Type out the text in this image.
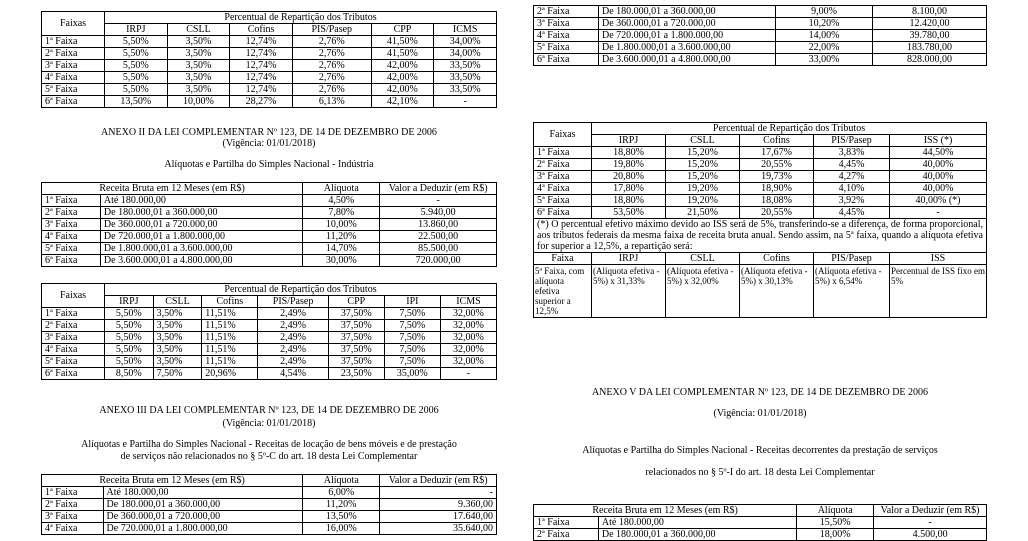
Faixas	Percentual de Repartição dos Tributos					
	IRPJ	CSLL	Cofins	PIS/Pasep	CPP	ICMS
1ª Faixa	5,50%	3,50%	12,74%	2,76%	41,50%	34,00%
2ª Faixa	5,50%	3,50%	12,74%	2,76%	41,50%	34,00%
3ª Faixa	5,50%	3,50%	12,74%	2,76%	42,00%	33,50%
4ª Faixa	5,50%	3,50%	12,74%	2,76%	42,00%	33,50%
5ª Faixa	5,50%	3,50%	12,74%	2,76%	42,00%	33,50%
6ª Faixa	13,50%	10,00%	28,27%	6,13%	42,10%	-
ANEXO II DA LEI COMPLEMENTAR Nº 123, DE 14 DE DEZEMBRO DE 2006
(Vigência: 01/01/2018)
Alíquotas e Partilha do Simples Nacional - Indústria
Receita Bruta em 12 Meses (em R$)		Alíquota	Valor a Deduzir (em R$)
1ª Faixa	Até 180.000,00	4,50%	-
2ª Faixa	De 180.000,01 a 360.000,00	7,80%	5.940,00
3ª Faixa	De 360.000,01 a 720.000,00	10,00%	13.860,00
4ª Faixa	De 720.000,01 a 1.800.000,00	11,20%	22.500,00
5ª Faixa	De 1.800.000,01 a 3.600.000,00	14,70%	85.500,00
6ª Faixa	De 3.600.000,01 a 4.800.000,00	30,00%	720.000,00
Faixas	Percentual de Repartição dos Tributos						
	IRPJ	CSLL	Cofins	PIS/Pasep	CPP	IPI	ICMS
1ª Faixa	5,50%	3,50%	11,51%	2,49%	37,50%	7,50%	32,00%
2ª Faixa	5,50%	3,50%	11,51%	2,49%	37,50%	7,50%	32,00%
3ª Faixa	5,50%	3,50%	11,51%	2,49%	37,50%	7,50%	32,00%
4ª Faixa	5,50%	3,50%	11,51%	2,49%	37,50%	7,50%	32,00%
5ª Faixa	5,50%	3,50%	11,51%	2,49%	37,50%	7,50%	32,00%
6ª Faixa	8,50%	7,50%	20,96%	4,54%	23,50%	35,00%	-
ANEXO III DA LEI COMPLEMENTAR Nº 123, DE 14 DE DEZEMBRO DE 2006
(Vigência: 01/01/2018)
Alíquotas e Partilha do Simples Nacional - Receitas de locação de bens móveis e de prestação
de serviços não relacionados no § 5º-C do art. 18 desta Lei Complementar
Receita Bruta em 12 Meses (em R$)		Alíquota	Valor a Deduzir (em R$)
1ª Faixa	Até 180.000,00	6,00%	-
2ª Faixa	De 180.000,01 a 360.000,00	11,20%	9.360,00
3ª Faixa	De 360.000,01 a 720.000,00	13,50%	17.640,00
4ª Faixa	De 720.000,01 a 1.800.000,00	16,00%	35.640,00
2ª Faixa	De 180.000,01 a 360.000,00	9,00%	8.100,00
3ª Faixa	De 360.000,01 a 720.000,00	10,20%	12.420,00
4ª Faixa	De 720.000,01 a 1.800.000,00	14,00%	39.780,00
5ª Faixa	De 1.800.000,01 a 3.600.000,00	22,00%	183.780,00
6ª Faixa	De 3.600.000,01 a 4.800.000,00	33,00%	828.000,00
Faixas	Percentual de Repartição dos Tributos				
	IRPJ	CSLL	Cofins	PIS/Pasep	ISS (*)
1ª Faixa	18,80%	15,20%	17,67%	3,83%	44,50%
2ª Faixa	19,80%	15,20%	20,55%	4,45%	40,00%
3ª Faixa	20,80%	15,20%	19,73%	4,27%	40,00%
4ª Faixa	17,80%	19,20%	18,90%	4,10%	40,00%
5ª Faixa	18,80%	19,20%	18,08%	3,92%	40,00% (*)
6ª Faixa	53,50%	21,50%	20,55%	4,45%	-
(*) O percentual efetivo máximo devido ao ISS será de 5%, transferindo-se a diferença, de forma proporcional, aos tributos federais da mesma faixa de receita bruta anual. Sendo assim, na 5ª faixa, quando a alíquota efetiva for superior a 12,5%, a repartição será:					
Faixa	IRPJ	CSLL	Cofins	PIS/Pasep	ISS
5ª Faixa, com alíquota efetiva superior a 12,5%	(Alíquota efetiva - 5%) x 31,33%	(Alíquota efetiva - 5%) x 32,00%	(Alíquota efetiva - 5%) x 30,13%	(Alíquota efetiva - 5%) x 6,54%	Percentual de ISS fixo em 5%
ANEXO V DA LEI COMPLEMENTAR Nº 123, DE 14 DE DEZEMBRO DE 2006
(Vigência: 01/01/2018)
Alíquotas e Partilha do Simples Nacional - Receitas decorrentes da prestação de serviços
relacionados no § 5º-I do art. 18 desta Lei Complementar
Receita Bruta em 12 Meses (em R$)		Alíquota	Valor a Deduzir (em R$)
1ª Faixa	Até 180.000,00	15,50%	-
2ª Faixa	De 180.000,01 a 360.000,00	18,00%	4.500,00
